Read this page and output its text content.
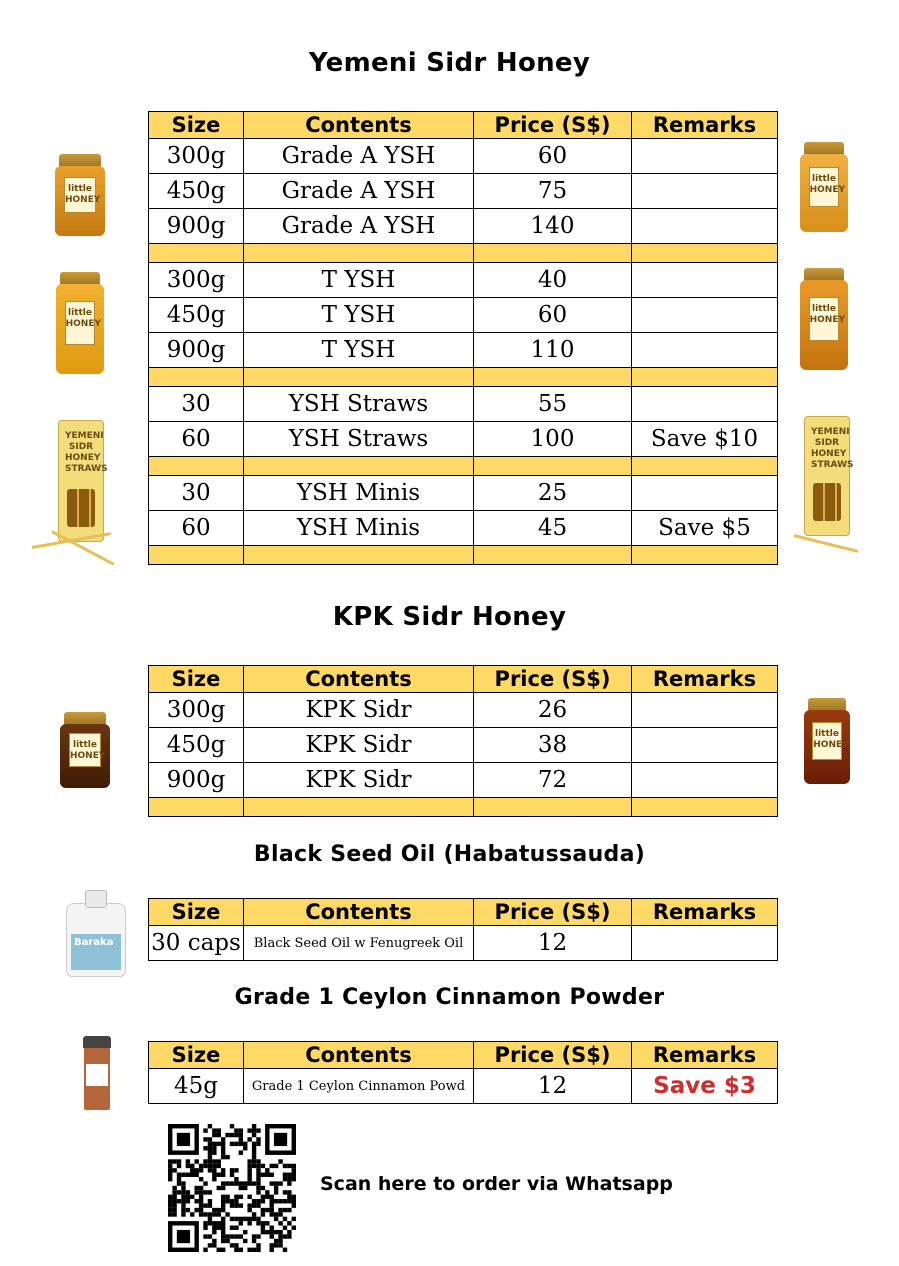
Yemeni Sidr Honey
KPK Sidr Honey
Black Seed Oil (Habatussauda)
Grade 1 Ceylon Cinnamon Powder
Size	Contents	Price (S$)	Remarks
300g	Grade A YSH	60	
450g	Grade A YSH	75	
900g	Grade A YSH	140	

300g	T YSH	40	
450g	T YSH	60	
900g	T YSH	110	

30	YSH Straws	55	
60	YSH Straws	100	Save $10

30	YSH Minis	25	
60	YSH Minis	45	Save $5

Size	Contents	Price (S$)	Remarks
300g	KPK Sidr	26	
450g	KPK Sidr	38	
900g	KPK Sidr	72	

Size	Contents	Price (S$)	Remarks
30 caps	Black Seed Oil w Fenugreek Oil	12	
Size	Contents	Price (S$)	Remarks
45g	Grade 1 Ceylon Cinnamon Powd	12	Save $3
little
HONEY
little
HONEY
little
HONEY
little
HONEY
YEMENI SIDR HONEY STRAWS
YEMENI SIDR HONEY STRAWS
little
HONEY
little
HONEY
Baraka
Scan here to order via Whatsapp
